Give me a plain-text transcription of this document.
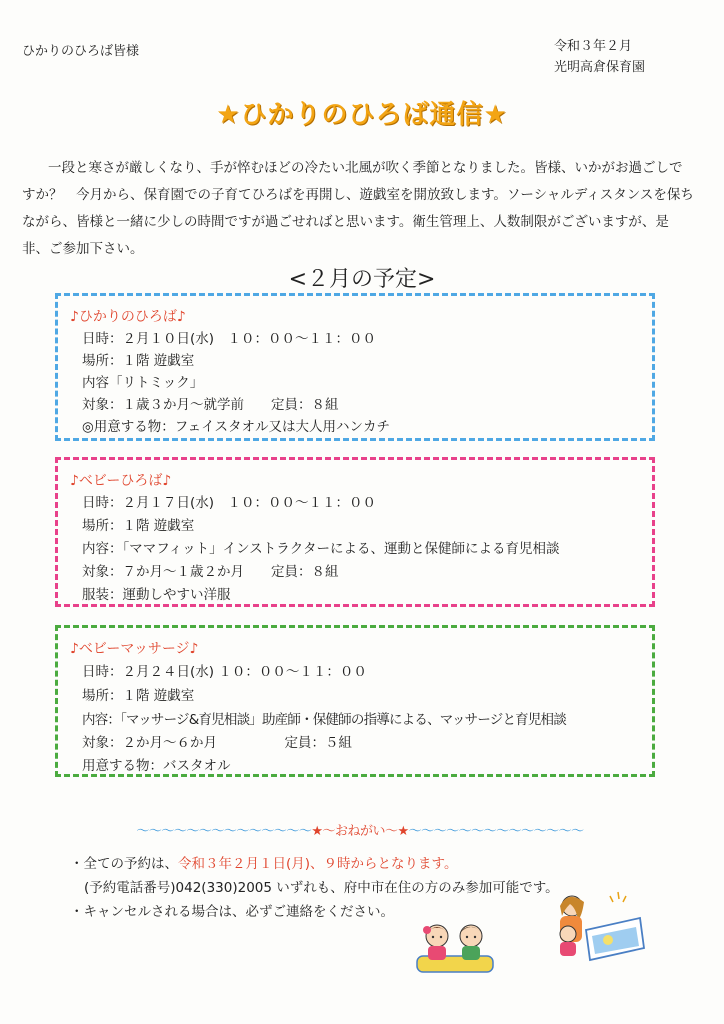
ひかりのひろば皆様	令和３年２月
光明高倉保育園
★ひかりのひろば通信★
一段と寒さが厳しくなり、手が悴むほどの冷たい北風が吹く季節となりました。皆様、いかがお過ごしですか？　今月から、保育園での子育てひろばを再開し、遊戯室を開放致します。ソーシャルディスタンスを保ちながら、皆様と一緒に少しの時間ですが過ごせればと思います。衛生管理上、人数制限がございますが、是非、ご参加下さい。
<２月の予定>
♪ひかりのひろば♪
日時：２月１０日(水)　１０：００〜１１：００
場所：１階 遊戯室
内容「リトミック」
対象：１歳３か月〜就学前　　定員：８組
◎用意する物：フェイスタオル又は大人用ハンカチ
♪ベビーひろば♪
日時：２月１７日(水)　１０：００〜１１：００
場所：１階 遊戯室
内容：「ママフィット」インストラクターによる、運動と保健師による育児相談
対象：７か月〜１歳２か月　　定員：８組
服装：運動しやすい洋服
♪ベビーマッサージ♪
日時：２月２４日(水) １０：００〜１１：００
場所：１階 遊戯室
内容：「マッサージ&育児相談」助産師・保健師の指導による、マッサージと育児相談
対象：２か月〜６か月　　　　　定員：５組
用意する物：バスタオル
〜〜〜〜〜〜〜〜〜〜〜〜〜〜★〜おねがい〜★〜〜〜〜〜〜〜〜〜〜〜〜〜〜
・全ての予約は、令和３年２月１日(月)、９時からとなります。
(予約電話番号)042(330)2005 いずれも、府中市在住の方のみ参加可能です。
・キャンセルされる場合は、必ずご連絡をください。
